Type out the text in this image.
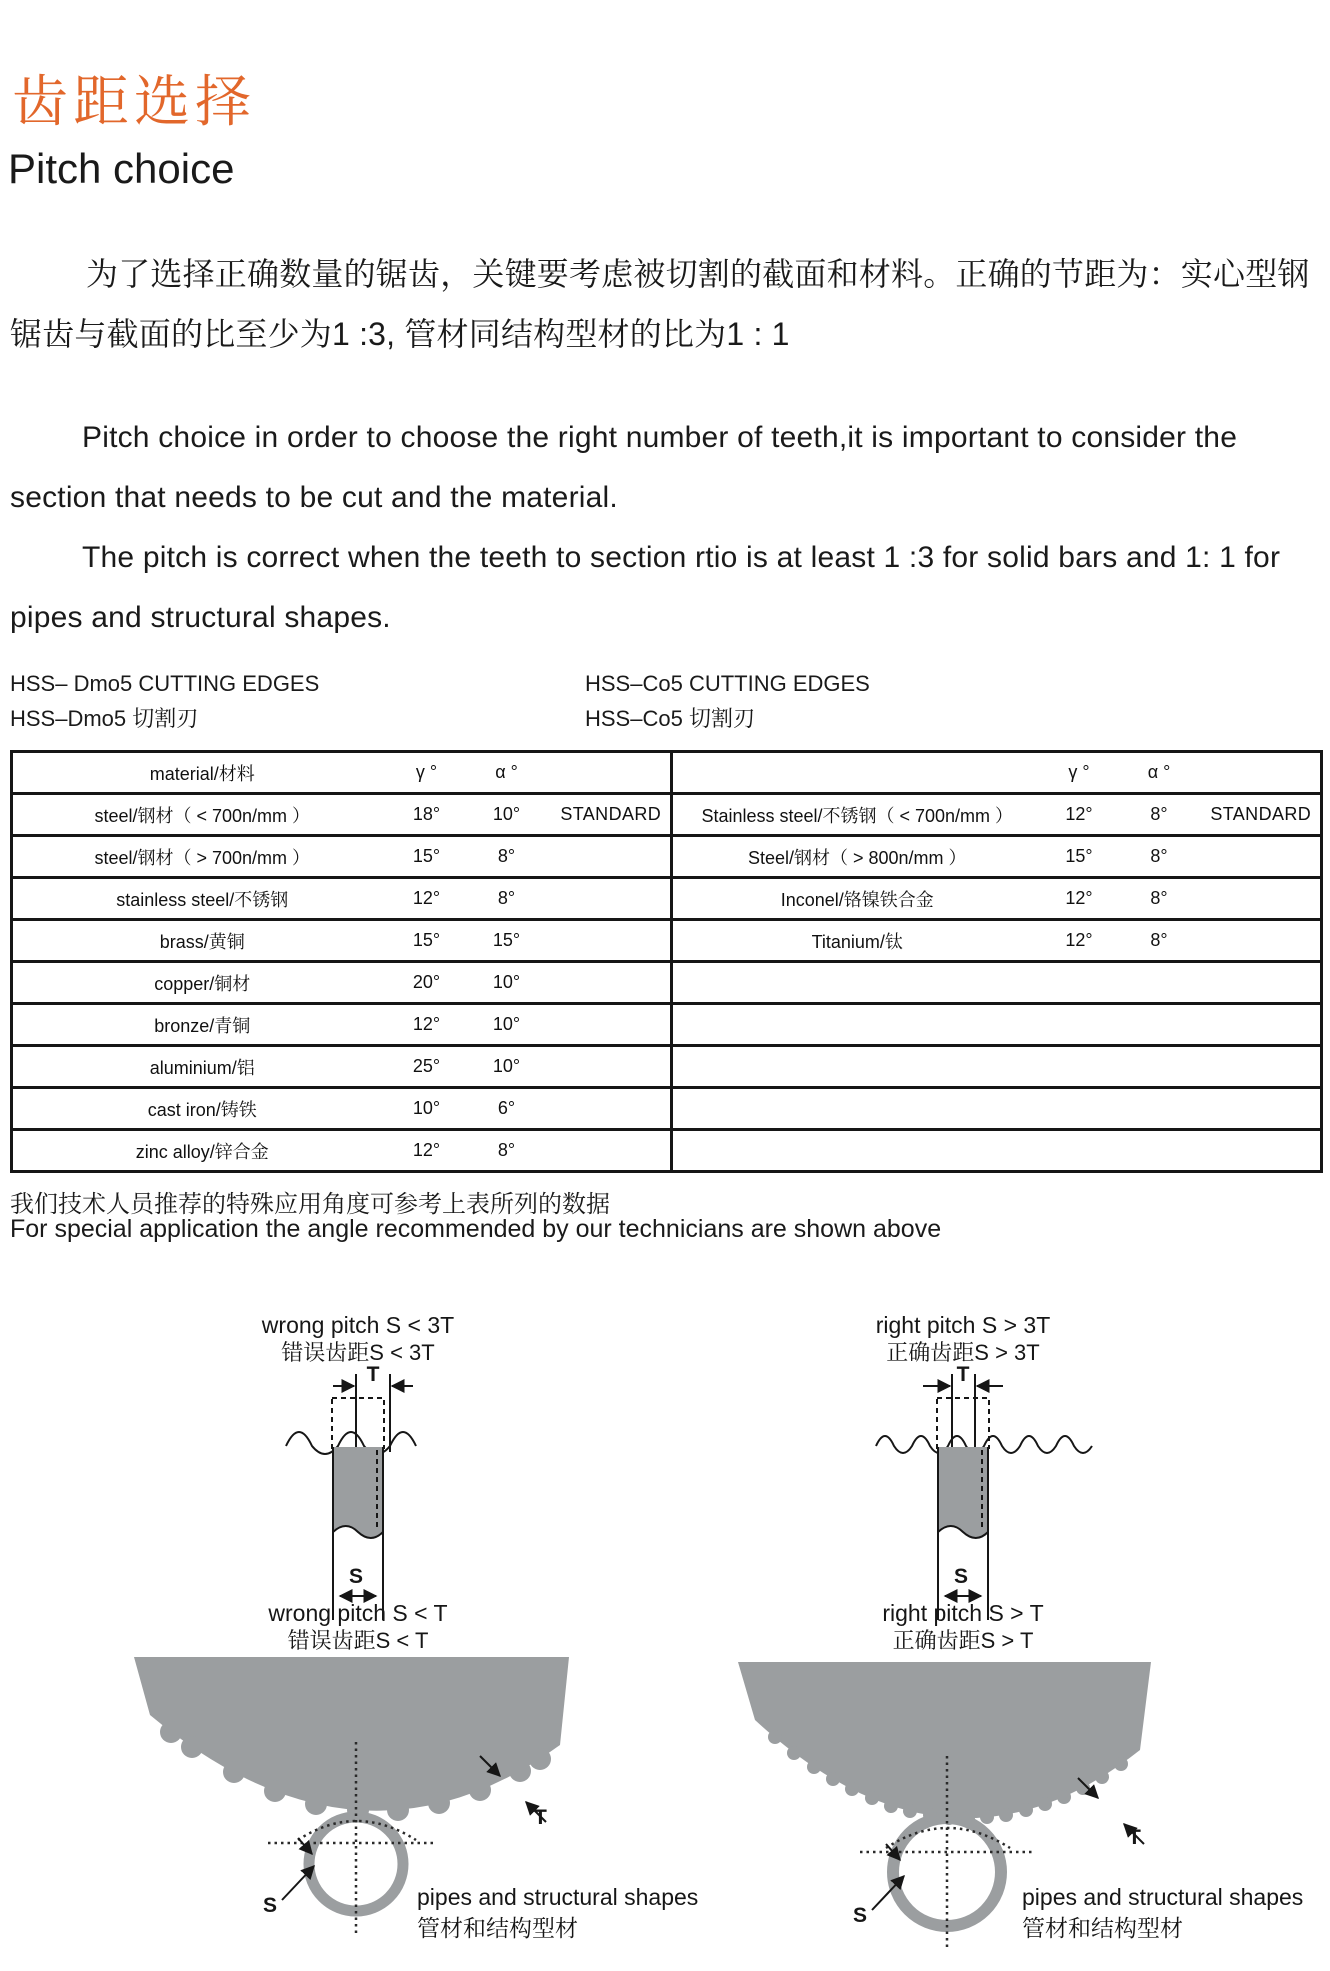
齿距选择
Pitch choice
为了选择正确数量的锯齿，关键要考虑被切割的截面和材料。正确的节距为：实心型钢锯齿与截面的比至少为1 :3, 管材同结构型材的比为1 : 1
Pitch choice in order to choose the right number of teeth,it is important to consider the section that needs to be cut and the material.
The pitch is correct when the teeth to section rtio is at least 1 :3 for solid bars and 1: 1 for pipes and structural shapes.
HSS– Dmo5 CUTTING EDGES
HSS–Dmo5 切割刃
HSS–Co5 CUTTING EDGES
HSS–Co5 切割刃
material/材料	γ °	α °			γ °	α °	
steel/钢材（ < 700n/mm ）	18°	10°	STANDARD	Stainless steel/不锈钢（ < 700n/mm ）	12°	8°	STANDARD
steel/钢材（ > 700n/mm ）	15°	8°		Steel/钢材（ > 800n/mm ）	15°	8°	
stainless steel/不锈钢	12°	8°		Inconel/铬镍铁合金	12°	8°	
brass/黄铜	15°	15°		Titanium/钛	12°	8°	
copper/铜材	20°	10°					
bronze/青铜	12°	10°					
aluminium/铝	25°	10°					
cast iron/铸铁	10°	6°					
zinc alloy/锌合金	12°	8°					
我们技术人员推荐的特殊应用角度可参考上表所列的数据
For special application the angle recommended by our technicians are shown above
wrong pitch S < 3T
错误齿距S < 3T
T
S
wrong pitch S < T
错误齿距S < T
right pitch S > 3T
正确齿距S > 3T
T
S
right pitch S > T
正确齿距S > T
S
T
pipes and structural shapes
管材和结构型材	S
T
pipes and structural shapes
管材和结构型材
